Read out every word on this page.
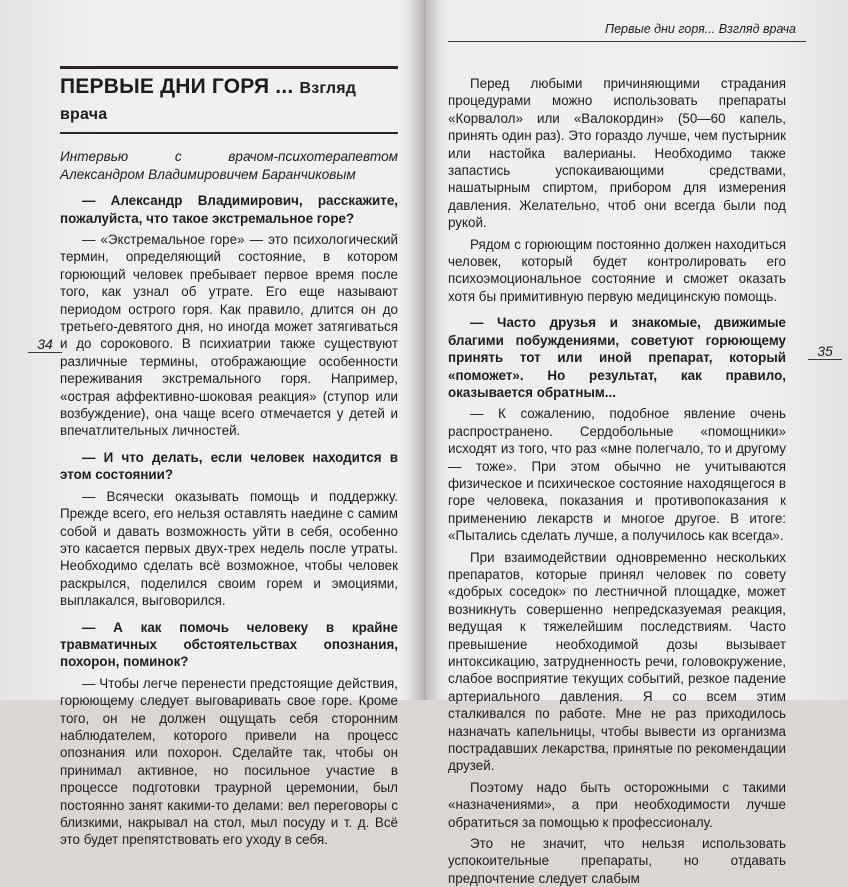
Первые дни горя... Взгляд врача
34	35
ПЕРВЫЕ ДНИ ГОРЯ ... Взгляд врача

Интервью с врачом-психотерапевтом Александром Владимировичем Баранчиковым

— Александр Владимирович, расскажите, пожалуйста, что такое экстремальное горе?

— «Экстремальное горе» — это психологический термин, определяющий состояние, в котором горюющий человек пребывает первое время после того, как узнал об утрате. Его еще называют периодом острого горя. Как правило, длится он до третьего-девятого дня, но иногда может затягиваться и до сорокового. В психиатрии также существуют различные термины, отображающие особенности переживания экстремального горя. Например, «острая аффективно-шоковая реакция» (ступор или возбуждение), она чаще всего отмечается у детей и впечатлительных личностей.

— И что делать, если человек находится в этом состоянии?

— Всячески оказывать помощь и поддержку. Прежде всего, его нельзя оставлять наедине с самим собой и давать возможность уйти в себя, особенно это касается первых двух-трех недель после утраты. Необходимо сделать всё возможное, чтобы человек раскрылся, поделился своим горем и эмоциями, выплакался, выговорился.

— А как помочь человеку в крайне травматичных обстоятельствах опознания, похорон, поминок?

— Чтобы легче перенести предстоящие действия, горюющему следует выговаривать свое горе. Кроме того, он не должен ощущать себя сторонним наблюдателем, которого привели на процесс опознания или похорон. Сделайте так, чтобы он принимал активное, но посильное участие в процессе подготовки траурной церемонии, был постоянно занят какими-то делами: вел переговоры с близкими, накрывал на стол, мыл посуду и т. д. Всё это будет препятствовать его уходу в себя.

Перед любыми причиняющими страдания процедурами можно использовать препараты «Корвалол» или «Валокордин» (50—60 капель, принять один раз). Это гораздо лучше, чем пустырник или настойка валерианы. Необходимо также запастись успокаивающими средствами, нашатырным спиртом, прибором для измерения давления. Желательно, чтоб они всегда были под рукой.

Рядом с горюющим постоянно должен находиться человек, который будет контролировать его психоэмоциональное состояние и сможет оказать хотя бы примитивную первую медицинскую помощь.

— Часто друзья и знакомые, движимые благими побуждениями, советуют горюющему принять тот или иной препарат, который «поможет». Но результат, как правило, оказывается обратным...

— К сожалению, подобное явление очень распространено. Сердобольные «помощники» исходят из того, что раз «мне полегчало, то и другому — тоже». При этом обычно не учитываются физическое и психическое состояние находящегося в горе человека, показания и противопоказания к применению лекарств и многое другое. В итоге: «Пытались сделать лучше, а получилось как всегда».

При взаимодействии одновременно нескольких препаратов, которые принял человек по совету «добрых соседок» по лестничной площадке, может возникнуть совершенно непредсказуемая реакция, ведущая к тяжелейшим последствиям. Часто превышение необходимой дозы вызывает интоксикацию, затрудненность речи, головокружение, слабое восприятие текущих событий, резкое падение артериального давления. Я со всем этим сталкивался по работе. Мне не раз приходилось назначать капельницы, чтобы вывести из организма пострадавших лекарства, принятые по рекомендации друзей.

Поэтому надо быть осторожными с такими «назначениями», а при необходимости лучше обратиться за помощью к профессионалу.

Это не значит, что нельзя использовать успокоительные препараты, но отдавать предпочтение следует слабым
